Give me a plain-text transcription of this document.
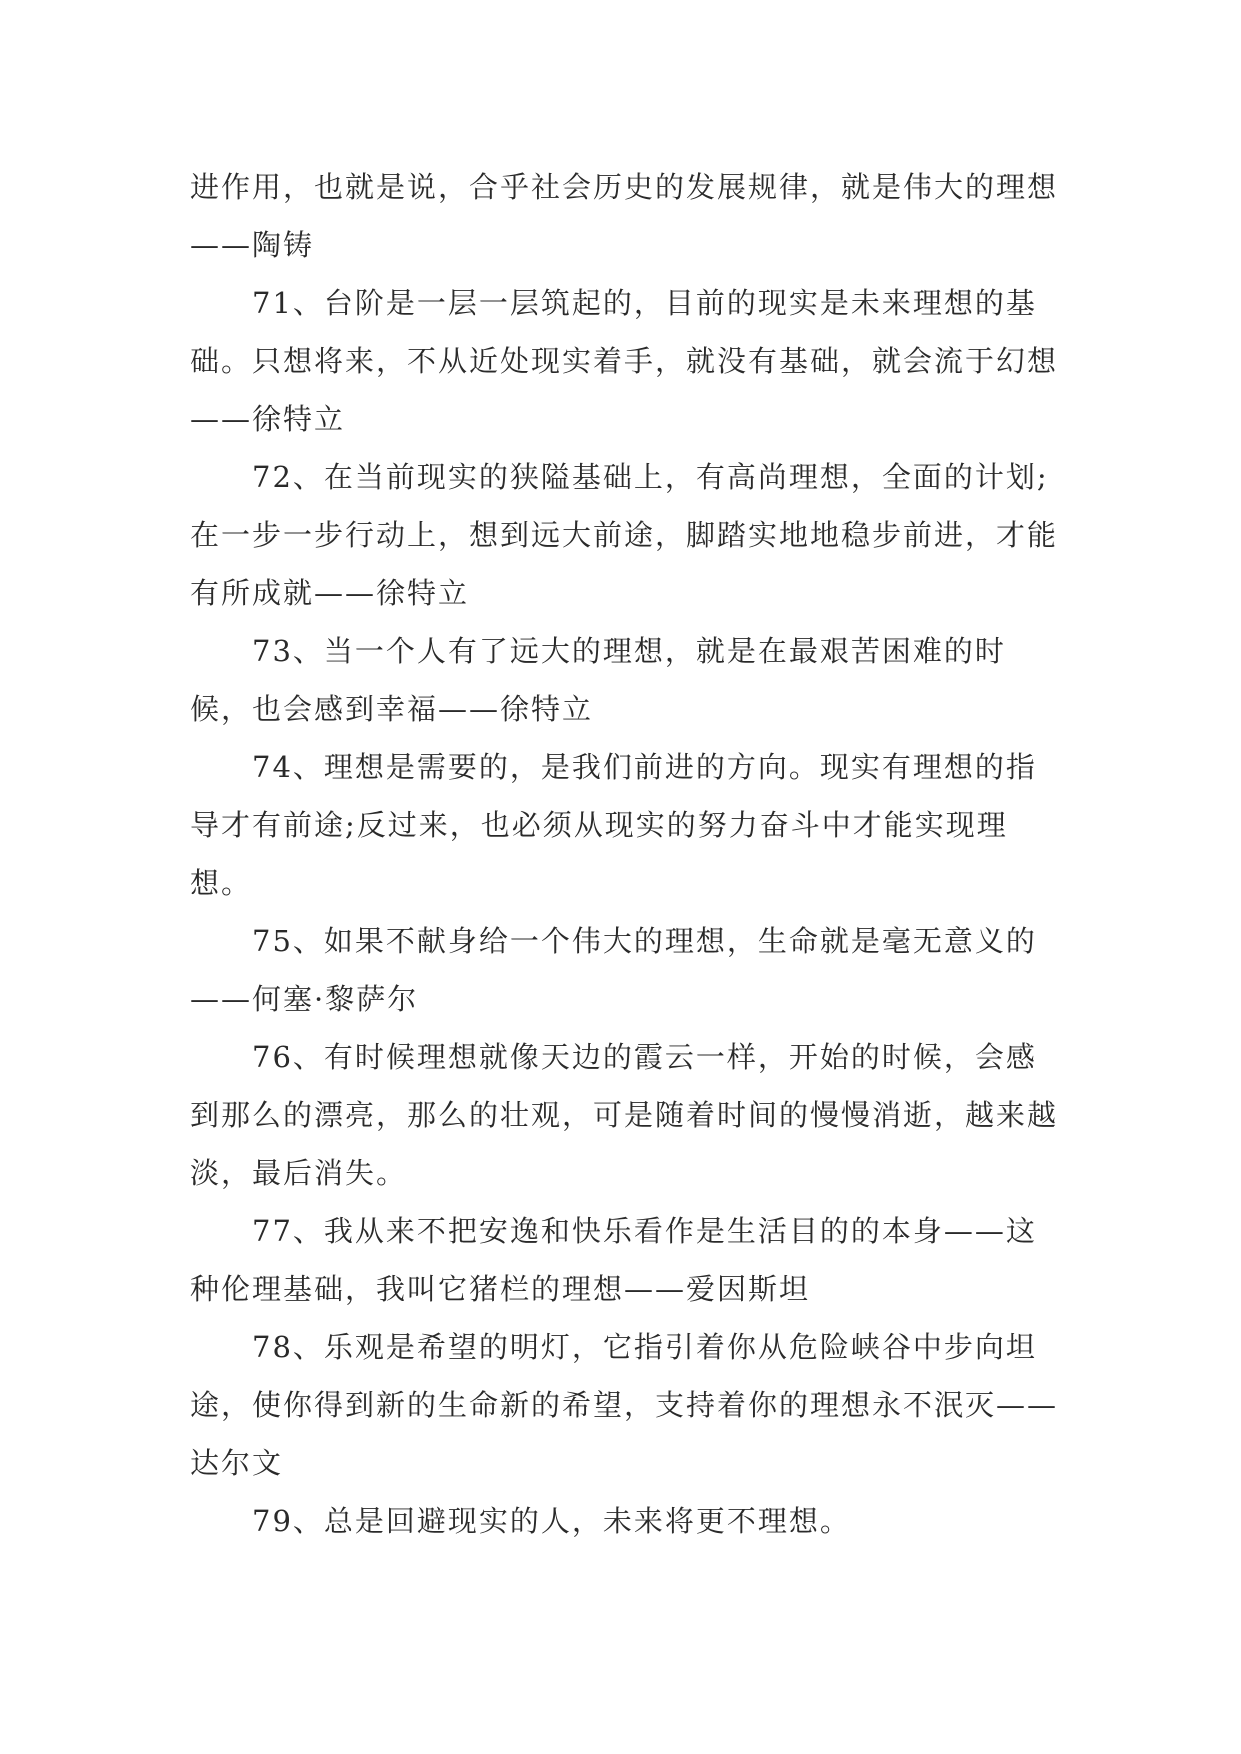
进作用，也就是说，合乎社会历史的发展规律，就是伟大的理想——陶铸

71、台阶是一层一层筑起的，目前的现实是未来理想的基础。只想将来，不从近处现实着手，就没有基础，就会流于幻想——徐特立

72、在当前现实的狭隘基础上，有高尚理想，全面的计划;在一步一步行动上，想到远大前途，脚踏实地地稳步前进，才能有所成就——徐特立

73、当一个人有了远大的理想，就是在最艰苦困难的时候，也会感到幸福——徐特立

74、理想是需要的，是我们前进的方向。现实有理想的指导才有前途;反过来，也必须从现实的努力奋斗中才能实现理想。

75、如果不献身给一个伟大的理想，生命就是毫无意义的——何塞·黎萨尔

76、有时候理想就像天边的霞云一样，开始的时候，会感到那么的漂亮，那么的壮观，可是随着时间的慢慢消逝，越来越淡，最后消失。

77、我从来不把安逸和快乐看作是生活目的的本身——这种伦理基础，我叫它猪栏的理想——爱因斯坦

78、乐观是希望的明灯，它指引着你从危险峡谷中步向坦途，使你得到新的生命新的希望，支持着你的理想永不泯灭——达尔文

79、总是回避现实的人，未来将更不理想。
